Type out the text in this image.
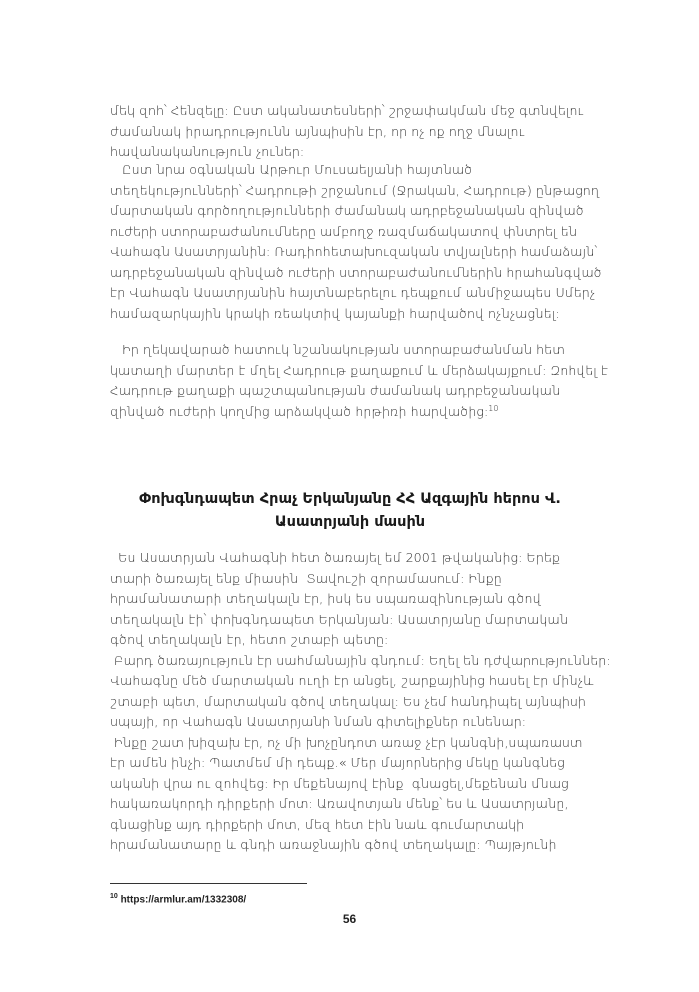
մեկ զոհ՝ Հենզելը: Ըստ ականատեսների՝ շրջափակման մեջ գտնվելու
ժամանակ իրադրությունն այնպիսին էր, որ ոչ ոք ողջ մնալու
հավանականություն չուներ:
Ըստ նրա օգնական Արթուր Մուսաելյանի հայտնած
տեղեկությունների՝ Հադրութի շրջանում (Ջրական, Հադրութ) ընթացող
մարտական գործողությունների ժամանակ ադրբեջանական զինված
ուժերի ստորաբաժանումները ամբողջ ռազմաճակատով փնտրել են
Վահագն Ասատրյանին: Ռադիոհետախուզական տվյալների համաձայն՝
ադրբեջանական զինված ուժերի ստորաբաժանումներին հրահանգված
էր Վահագն Ասատրյանին հայտնաբերելու դեպքում անմիջապես Սմերչ
համազարկային կրակի ռեակտիվ կայանքի հարվածով ոչնչացնել:
Իր ղեկավարած հատուկ նշանակության ստորաբաժանման հետ
կատաղի մարտեր է մղել Հադրութ քաղաքում և մերձակայքում: Զոհվել է
Հադրութ քաղաքի պաշտպանության ժամանակ ադրբեջանական
զինված ուժերի կողմից արձակված հրթիռի հարվածից:$^{10}$
Փոխգնդապետ Հրաչ Երկանյանը ՀՀ Ազգային հերոս Վ.
Ասատրյանի մասին
Ես Ասատրյան Վահագնի հետ ծառայել եմ 2001 թվականից: Երեք
տարի ծառայել ենք միասին  Տավուշի զորամասում: Ինքը
հրամանատարի տեղակալն էր, իսկ ես սպառազինության գծով
տեղակալն էի՝ փոխգնդապետ Երկանյան: Ասատրյանը մարտական
գծով տեղակալն էր, հետո շտաբի պետը:
Բարդ ծառայություն էր սահմանային գնդում: Եղել են դժվարություններ:
Վահագնը մեծ մարտական ուղի էր անցել, շարքայինից հասել էր մինչև
շտաբի պետ, մարտական գծով տեղակալ: Ես չեմ հանդիպել այնպիսի
սպայի, որ Վահագն Ասատրյանի նման գիտելիքներ ունենար:
Ինքը շատ խիզախ էր, ոչ մի խոչընդոտ առաջ չէր կանգնի,սպառաստ
էր ամեն ինչի: Պատմեմ մի դեպք.« Մեր մայորներից մեկը կանգնեց
ականի վրա ու զոհվեց: Իր մեքենայով էինք  գնացել,մեքենան մնաց
հակառակորդի դիրքերի մոտ: Առավոտյան մենք՝ ես և Ասատրյանը,
գնացինք այդ դիրքերի մոտ, մեզ հետ էին նաև գումարտակի
հրամանատարը և գնդի առաջնային գծով տեղակալը: Պայթյունի
$^{10}$ https://armlur.am/1332308/
56
